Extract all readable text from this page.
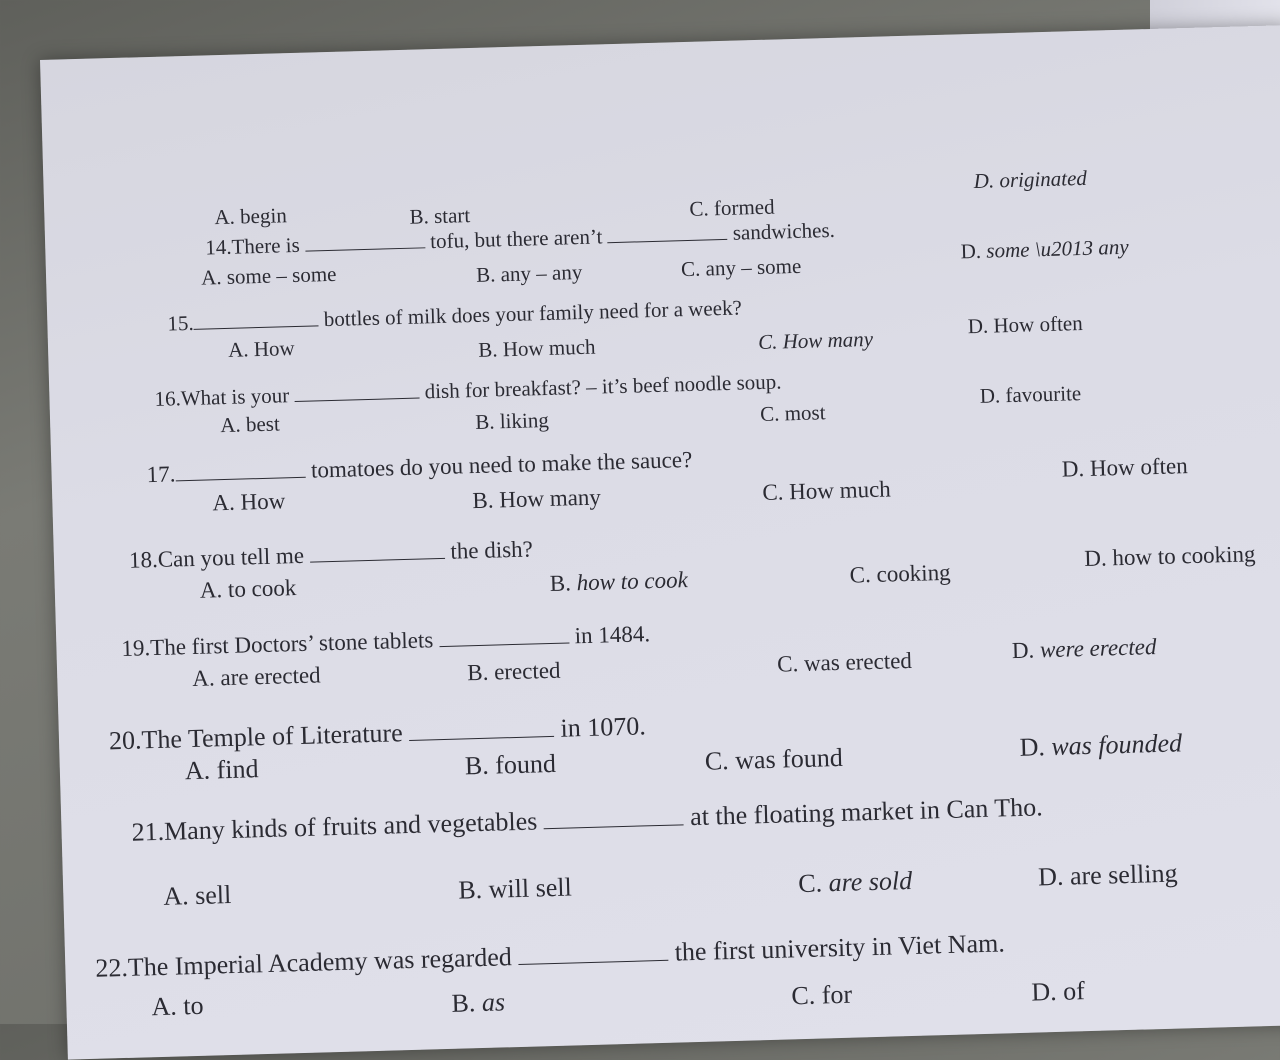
A. begin	B. start	C. formed
D. originated
14.There is	tofu, but there aren’t	sandwiches.
A. some – some	B. any – any	C. any – some
D. some \u2013 any
15.	bottles of milk does your family need for a week?
A. How	B. How much	C. How many
D. How often
16.What is your	dish for breakfast? – it’s beef noodle soup.
A. best	B. liking	C. most
D. favourite
17.	tomatoes do you need to make the sauce?
A. How	B. How many	C. How much
D. How often
18.Can you tell me	the dish?
A. to cook	B. how to cook	C. cooking
D. how to cooking
19.The first Doctors’ stone tablets	in 1484.
A. are erected	B. erected	C. was erected	D. were erected
20.The Temple of Literature	in 1070.
A. find	B. found	C. was found	D. was founded
21.Many kinds of fruits and vegetables	at the floating market in Can Tho.
A. sell	B. will sell	C. are sold	D. are selling
22.The Imperial Academy was regarded	the first university in Viet Nam.
A. to	B. as	C. for	D. of
